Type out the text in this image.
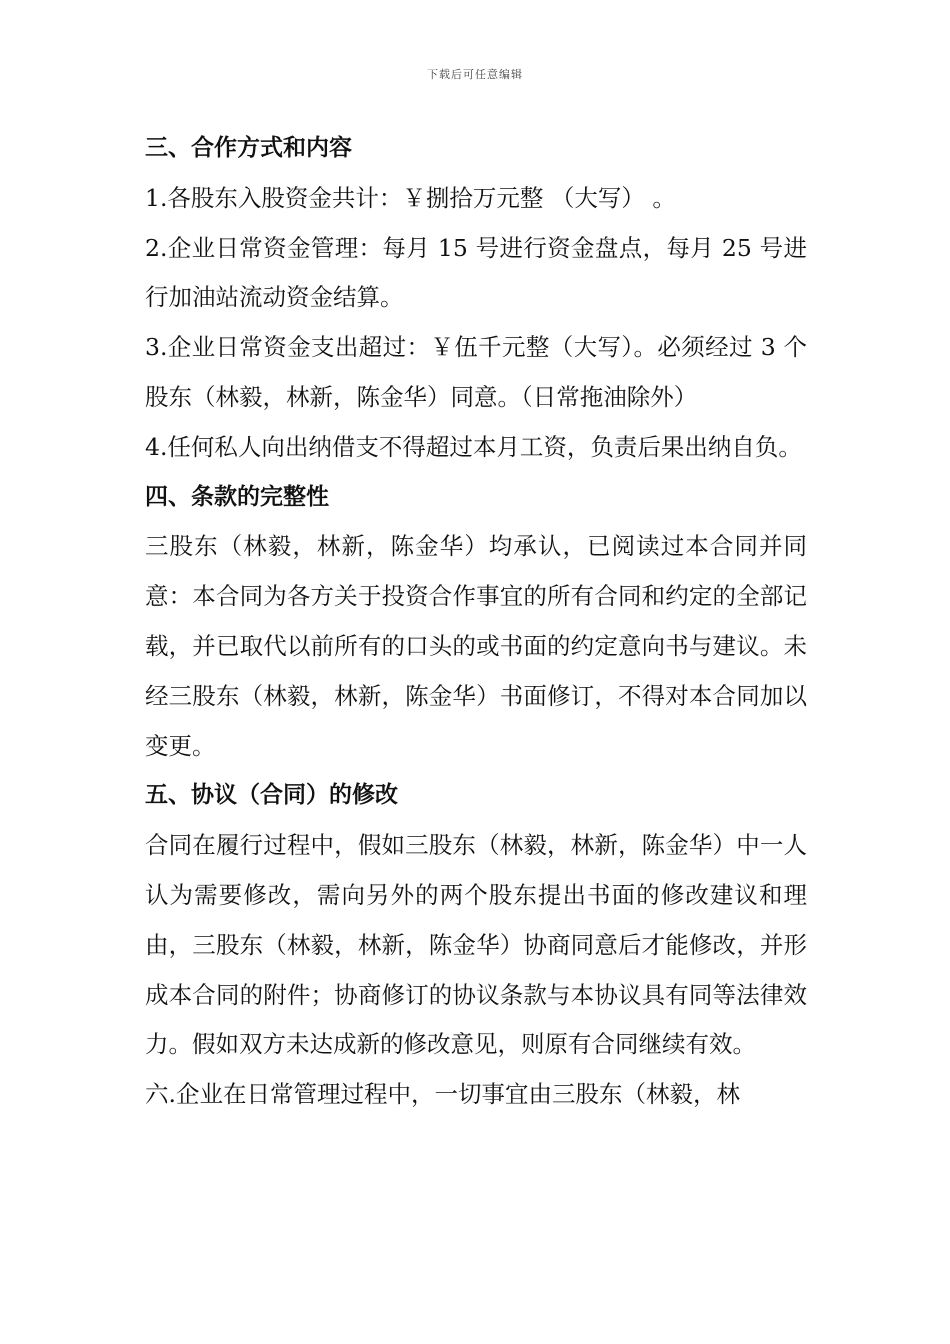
下载后可任意编辑

三、合作方式和内容

1.各股东入股资金共计：￥捌拾万元整 （大写） 。

2.企业日常资金管理：每月 15 号进行资金盘点，每月 25 号进行加油站流动资金结算。

3.企业日常资金支出超过：￥伍千元整（大写）。必须经过 3 个股东（林毅，林新，陈金华）同意。（日常拖油除外）

4.任何私人向出纳借支不得超过本月工资，负责后果出纳自负。

四、条款的完整性

三股东（林毅，林新，陈金华）均承认，已阅读过本合同并同意：本合同为各方关于投资合作事宜的所有合同和约定的全部记载，并已取代以前所有的口头的或书面的约定意向书与建议。未经三股东（林毅，林新，陈金华）书面修订，不得对本合同加以变更。

五、协议（合同）的修改

合同在履行过程中，假如三股东（林毅，林新，陈金华）中一人认为需要修改，需向另外的两个股东提出书面的修改建议和理由，三股东（林毅，林新，陈金华）协商同意后才能修改，并形成本合同的附件；协商修订的协议条款与本协议具有同等法律效力。假如双方未达成新的修改意见，则原有合同继续有效。

六.企业在日常管理过程中，一切事宜由三股东（林毅，林
